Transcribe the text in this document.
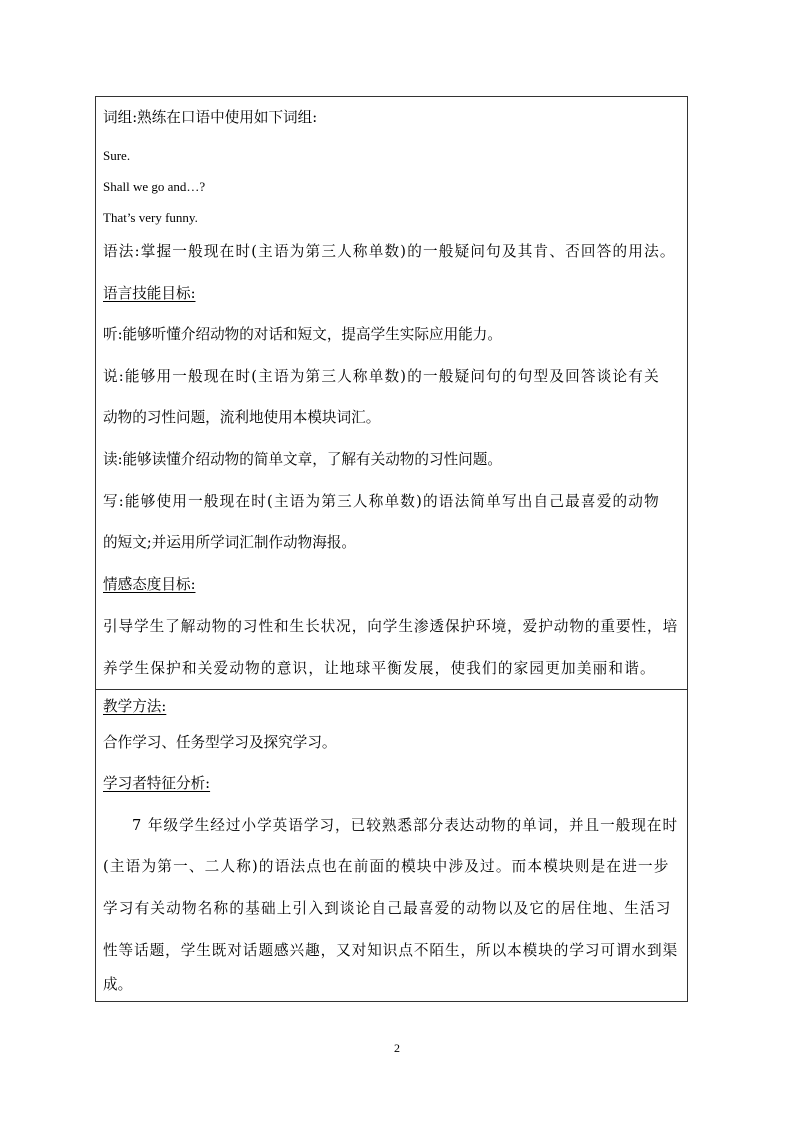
词组:熟练在口语中使用如下词组:
Sure.
Shall we go and…?
That’s very funny.
语法:掌握一般现在时(主语为第三人称单数)的一般疑问句及其肯、否回答的用法。
语言技能目标:
听:能够听懂介绍动物的对话和短文，提高学生实际应用能力。
说:能够用一般现在时(主语为第三人称单数)的一般疑问句的句型及回答谈论有关
动物的习性问题，流利地使用本模块词汇。
读:能够读懂介绍动物的简单文章，了解有关动物的习性问题。
写:能够使用一般现在时(主语为第三人称单数)的语法简单写出自己最喜爱的动物
的短文;并运用所学词汇制作动物海报。
情感态度目标:
引导学生了解动物的习性和生长状况，向学生渗透保护环境，爱护动物的重要性，培
养学生保护和关爱动物的意识，让地球平衡发展，使我们的家园更加美丽和谐。
教学方法:
合作学习、任务型学习及探究学习。
学习者特征分析:
7 年级学生经过小学英语学习，已较熟悉部分表达动物的单词，并且一般现在时
(主语为第一、二人称)的语法点也在前面的模块中涉及过。而本模块则是在进一步
学习有关动物名称的基础上引入到谈论自己最喜爱的动物以及它的居住地、生活习
性等话题，学生既对话题感兴趣，又对知识点不陌生，所以本模块的学习可谓水到渠
成。
2
